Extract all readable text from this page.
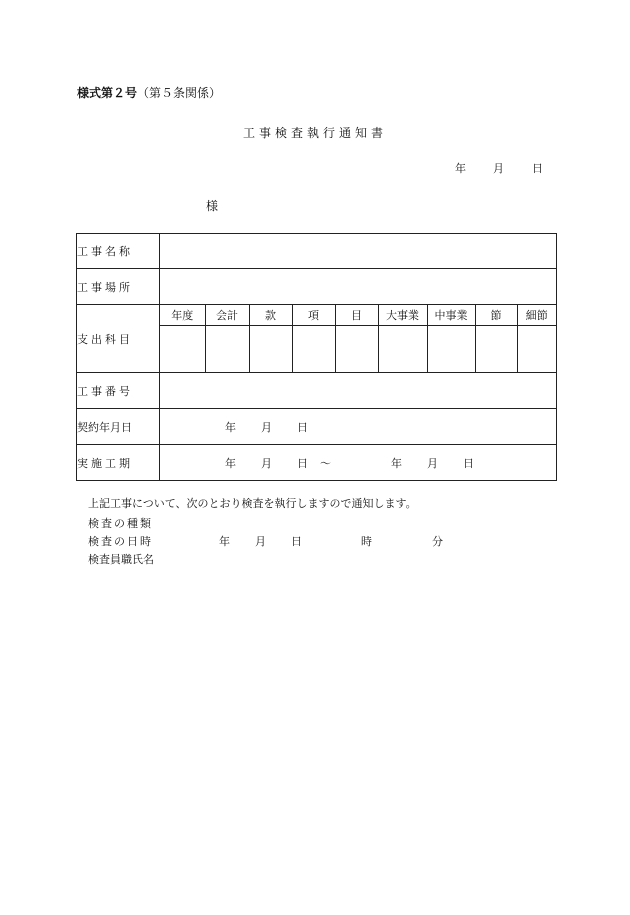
様式第２号（第５条関係）
工事検査執行通知書
年 月	日
様
工事名称	
工事場所	
支出科目	
年度	会計	款	項	目	大事業	中事業	節	細節

工事番号	
契約年月日	年 月 日

実施工期	年 月 日 ～	年 月 日
上記工事について、次のとおり検査を執行しますので通知します。
検査の種類
検査の日時	年 月 日	時	分
検査員職氏名
